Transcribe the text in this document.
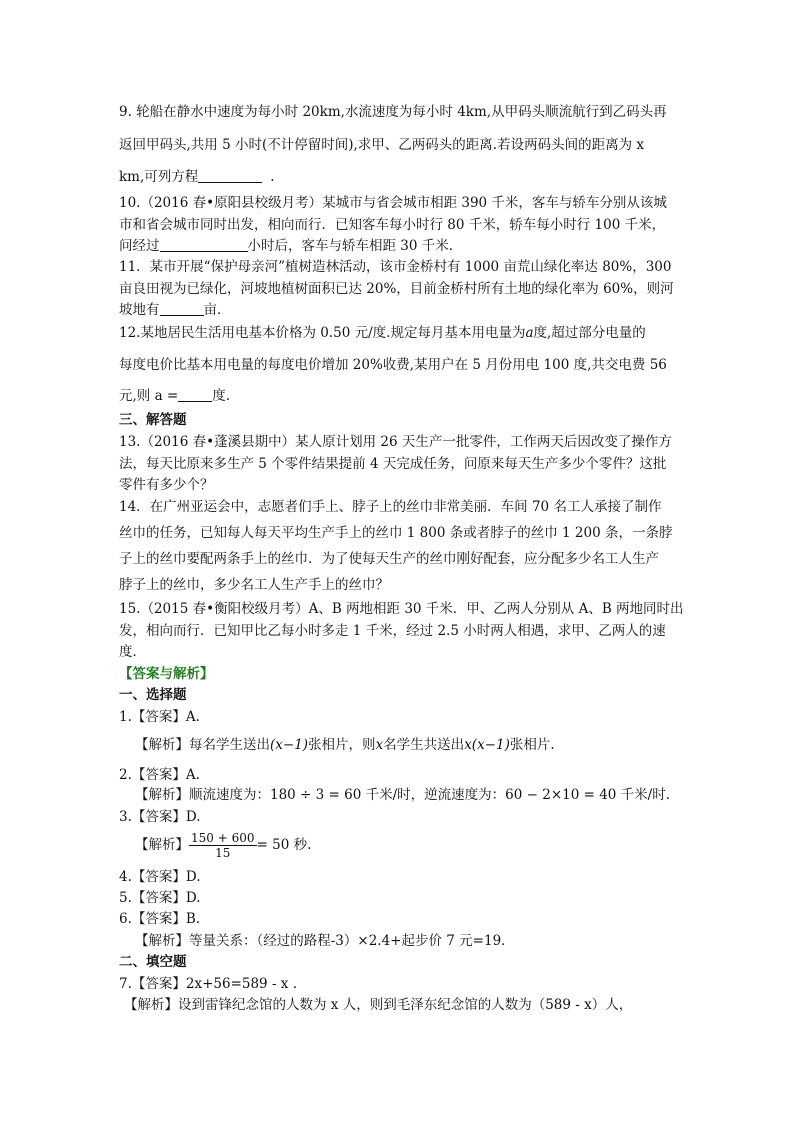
9. 轮船在静水中速度为每小时 20km,水流速度为每小时 4km,从甲码头顺流航行到乙码头再
返回甲码头,共用 5 小时(不计停留时间),求甲、乙两码头的距离.若设两码头间的距离为 x
km,可列方程	.
10.（2016 春•原阳县校级月考）某城市与省会城市相距 390 千米，客车与轿车分别从该城
市和省会城市同时出发，相向而行．已知客车每小时行 80 千米，轿车每小时行 100 千米，
问经过	小时后，客车与轿车相距 30 千米．
11．某市开展“保护母亲河”植树造林活动，该市金桥村有 1000 亩荒山绿化率达 80%，300
亩良田视为已绿化，河坡地植树面积已达 20%，目前金桥村所有土地的绿化率为 60%，则河
坡地有	亩．
12.某地居民生活用电基本价格为 0.50 元/度.规定每月基本用电量为a度,超过部分电量的
每度电价比基本用电量的每度电价增加 20%收费,某用户在 5 月份用电 100 度,共交电费 56
元,则 a =	度.
三、解答题
13.（2016 春•蓬溪县期中）某人原计划用 26 天生产一批零件，工作两天后因改变了操作方
法，每天比原来多生产 5 个零件结果提前 4 天完成任务，问原来每天生产多少个零件？这批
零件有多少个？
14．在广州亚运会中，志愿者们手上、脖子上的丝巾非常美丽．车间 70 名工人承接了制作
丝巾的任务，已知每人每天平均生产手上的丝巾 1 800 条或者脖子的丝巾 1 200 条，一条脖
子上的丝巾要配两条手上的丝巾．为了使每天生产的丝巾刚好配套，应分配多少名工人生产
脖子上的丝巾，多少名工人生产手上的丝巾？
15.（2015 春•衡阳校级月考）A、B 两地相距 30 千米．甲、乙两人分别从 A、B 两地同时出
发，相向而行．已知甲比乙每小时多走 1 千米，经过 2.5 小时两人相遇，求甲、乙两人的速
度．
【答案与解析】
一、选择题
1.【答案】A.
【解析】每名学生送出(x−1)张相片，则x名学生共送出x(x−1)张相片.
2.【答案】A.
【解析】顺流速度为：180 ÷ 3 = 60 千米/时，逆流速度为：60 − 2×10 = 40 千米/时.
3.【答案】D.
【解析】 $\frac{150 + 600}{15} = 50$ 秒.
4.【答案】D.
5.【答案】D.
6.【答案】B.
【解析】等量关系：（经过的路程-3）×2.4+起步价 7 元=19．
二、填空题
7.【答案】2x+56=589 - x .
【解析】设到雷锋纪念馆的人数为 x 人，则到毛泽东纪念馆的人数为（589 - x）人，
